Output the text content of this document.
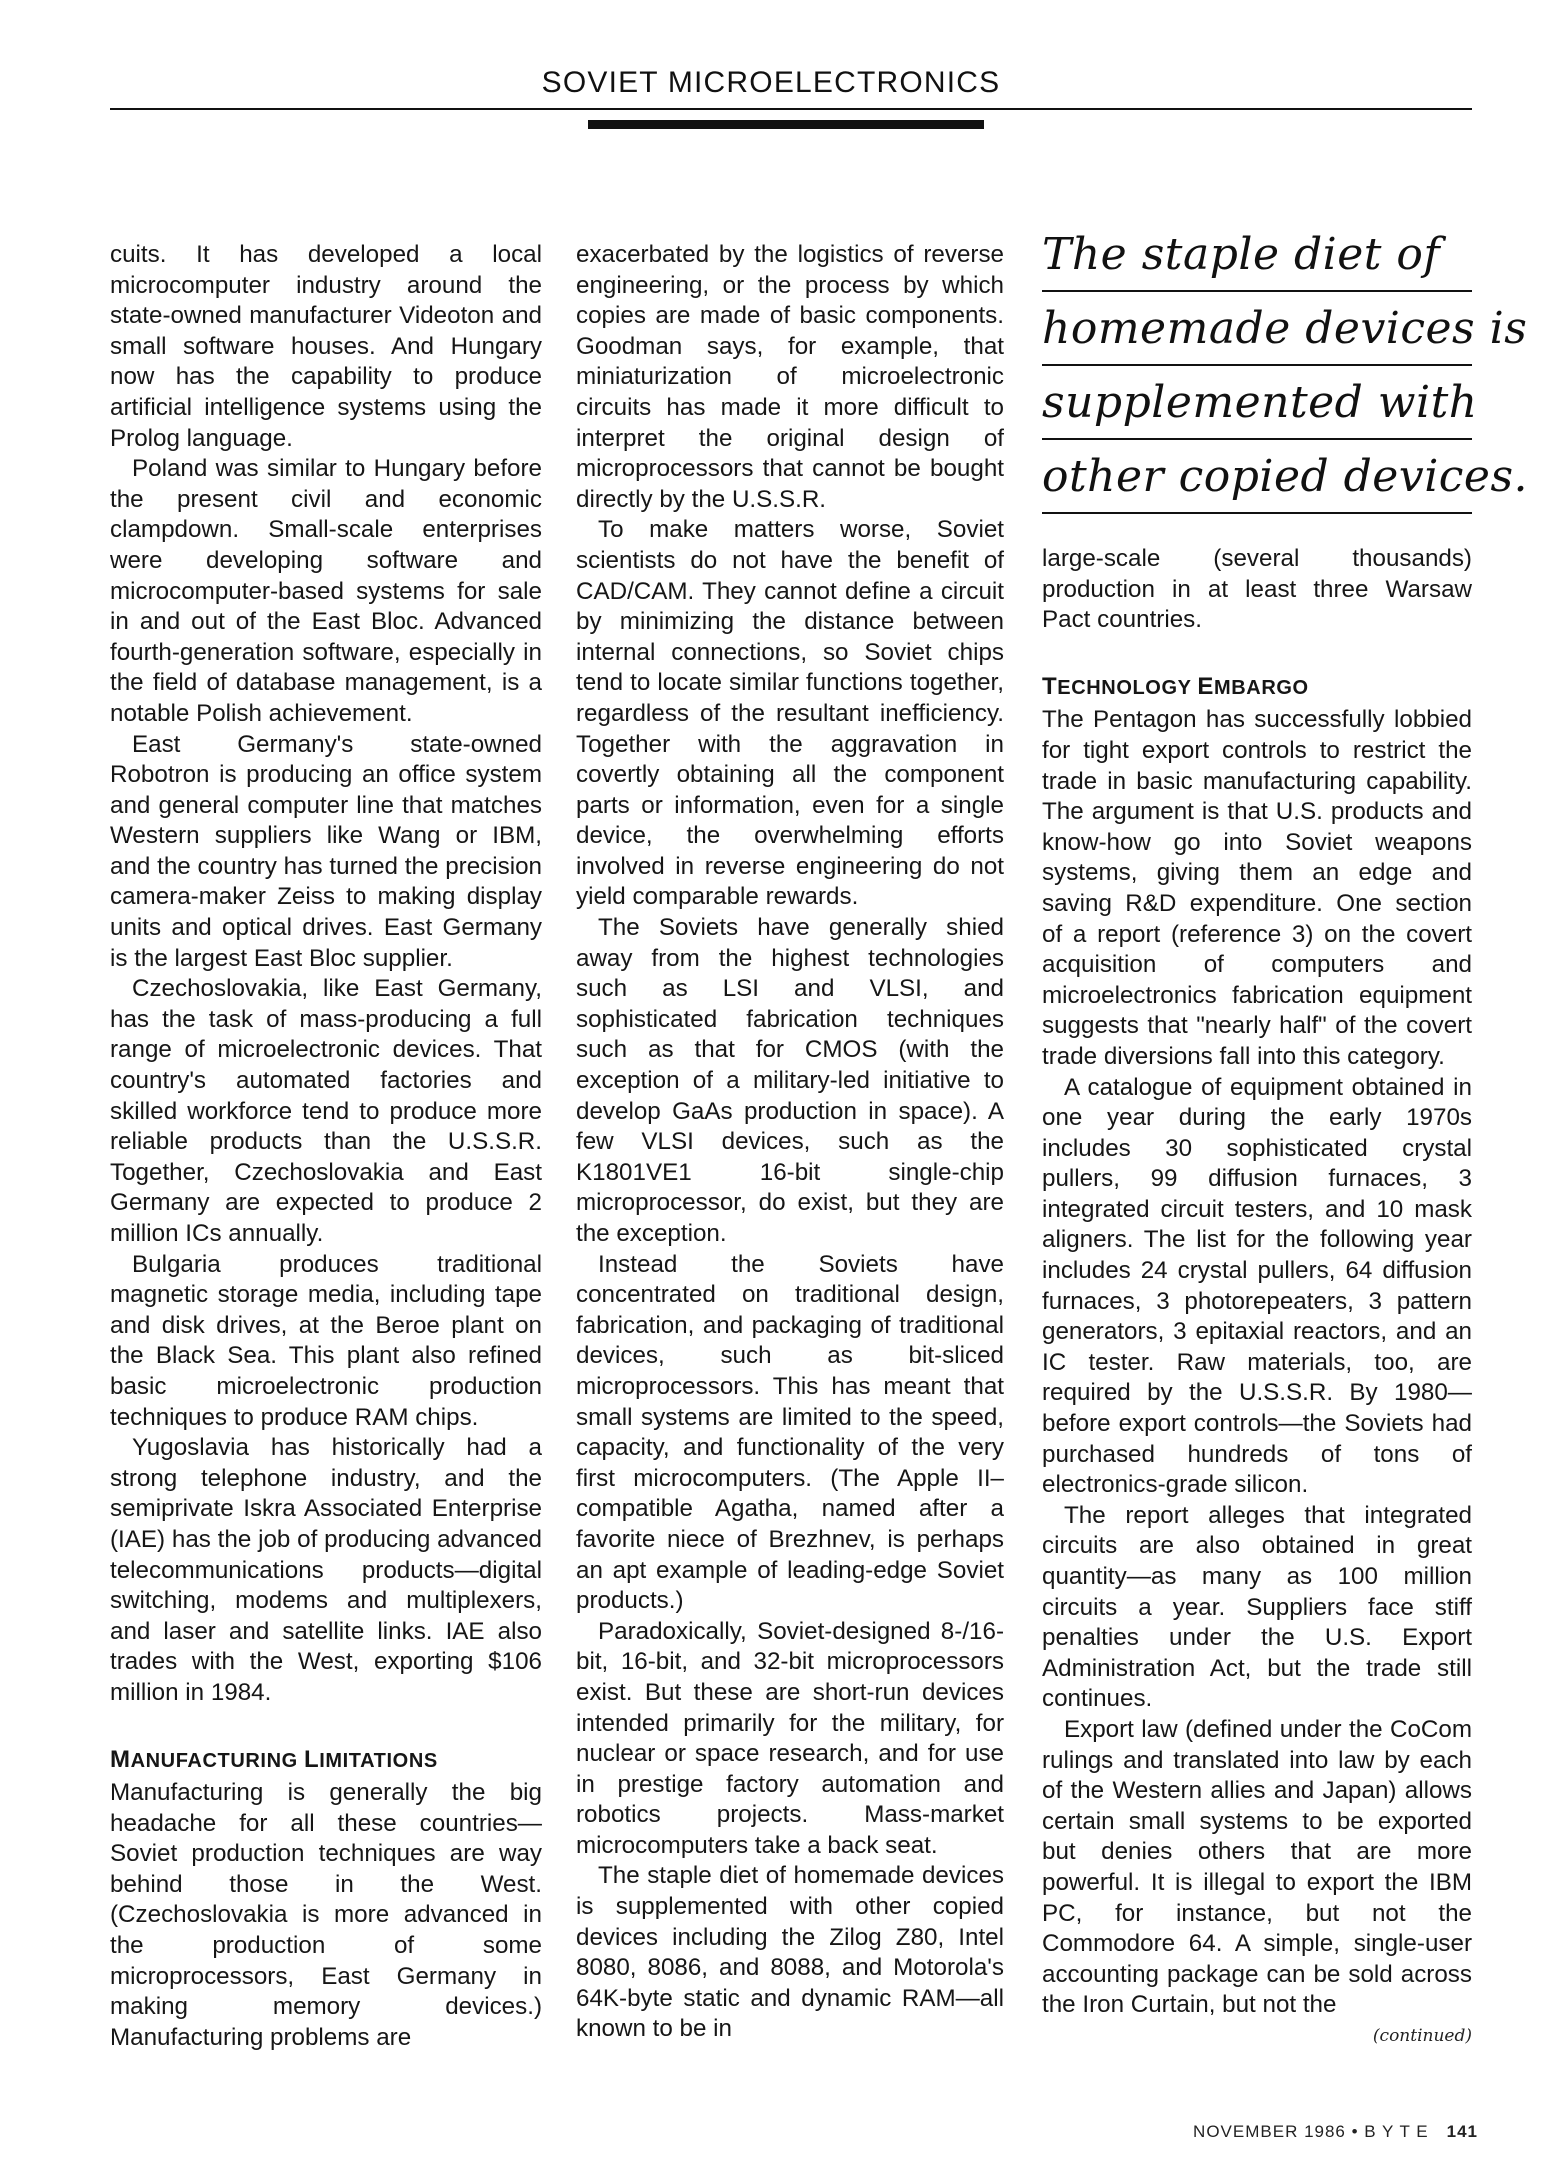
SOVIET MICROELECTRONICS

cuits. It has developed a local microcomputer industry around the state-owned manufacturer Videoton and small software houses. And Hungary now has the capability to produce artificial intelligence systems using the Prolog language.

Poland was similar to Hungary before the present civil and economic clampdown. Small-scale enterprises were developing software and microcomputer-based systems for sale in and out of the East Bloc. Advanced fourth-generation software, especially in the field of database management, is a notable Polish achievement.

East Germany's state-owned Robotron is producing an office system and general computer line that matches Western suppliers like Wang or IBM, and the country has turned the precision camera-maker Zeiss to making display units and optical drives. East Germany is the largest East Bloc supplier.

Czechoslovakia, like East Germany, has the task of mass-producing a full range of microelectronic devices. That country's automated factories and skilled workforce tend to produce more reliable products than the U.S.S.R. Together, Czechoslovakia and East Germany are expected to produce 2 million ICs annually.

Bulgaria produces traditional magnetic storage media, including tape and disk drives, at the Beroe plant on the Black Sea. This plant also refined basic microelectronic production techniques to produce RAM chips.

Yugoslavia has historically had a strong telephone industry, and the semiprivate Iskra Associated Enterprise (IAE) has the job of producing advanced telecommunications products—digital switching, modems and multiplexers, and laser and satellite links. IAE also trades with the West, exporting $106 million in 1984.

MANUFACTURING LIMITATIONS

Manufacturing is generally the big headache for all these countries—Soviet production techniques are way behind those in the West. (Czechoslovakia is more advanced in the production of some microprocessors, East Germany in making memory devices.) Manufacturing problems are

exacerbated by the logistics of reverse engineering, or the process by which copies are made of basic components. Goodman says, for example, that miniaturization of microelectronic circuits has made it more difficult to interpret the original design of microprocessors that cannot be bought directly by the U.S.S.R.

To make matters worse, Soviet scientists do not have the benefit of CAD/CAM. They cannot define a circuit by minimizing the distance between internal connections, so Soviet chips tend to locate similar functions together, regardless of the resultant inefficiency. Together with the aggravation in covertly obtaining all the component parts or information, even for a single device, the overwhelming efforts involved in reverse engineering do not yield comparable rewards.

The Soviets have generally shied away from the highest technologies such as LSI and VLSI, and sophisticated fabrication techniques such as that for CMOS (with the exception of a military-led initiative to develop GaAs production in space). A few VLSI devices, such as the K1801VE1 16-bit single-chip microprocessor, do exist, but they are the exception.

Instead the Soviets have concentrated on traditional design, fabrication, and packaging of traditional devices, such as bit-sliced microprocessors. This has meant that small systems are limited to the speed, capacity, and functionality of the very first microcomputers. (The Apple II–compatible Agatha, named after a favorite niece of Brezhnev, is perhaps an apt example of leading-edge Soviet products.)

Paradoxically, Soviet-designed 8-/16-bit, 16-bit, and 32-bit microprocessors exist. But these are short-run devices intended primarily for the military, for nuclear or space research, and for use in prestige factory automation and robotics projects. Mass-market microcomputers take a back seat.

The staple diet of homemade devices is supplemented with other copied devices including the Zilog Z80, Intel 8080, 8086, and 8088, and Motorola's 64K-byte static and dynamic RAM—all known to be in

The staple diet of
homemade devices is
supplemented with
other copied devices.

large-scale (several thousands) production in at least three Warsaw Pact countries.

TECHNOLOGY EMBARGO

The Pentagon has successfully lobbied for tight export controls to restrict the trade in basic manufacturing capability. The argument is that U.S. products and know-how go into Soviet weapons systems, giving them an edge and saving R&D expenditure. One section of a report (reference 3) on the covert acquisition of computers and microelectronics fabrication equipment suggests that "nearly half" of the covert trade diversions fall into this category.

A catalogue of equipment obtained in one year during the early 1970s includes 30 sophisticated crystal pullers, 99 diffusion furnaces, 3 integrated circuit testers, and 10 mask aligners. The list for the following year includes 24 crystal pullers, 64 diffusion furnaces, 3 photorepeaters, 3 pattern generators, 3 epitaxial reactors, and an IC tester. Raw materials, too, are required by the U.S.S.R. By 1980—before export controls—the Soviets had purchased hundreds of tons of electronics-grade silicon.

The report alleges that integrated circuits are also obtained in great quantity—as many as 100 million circuits a year. Suppliers face stiff penalties under the U.S. Export Administration Act, but the trade still continues.

Export law (defined under the CoCom rulings and translated into law by each of the Western allies and Japan) allows certain small systems to be exported but denies others that are more powerful. It is illegal to export the IBM PC, for instance, but not the Commodore 64. A simple, single-user accounting package can be sold across the Iron Curtain, but not the

(continued)
NOVEMBER 1986 • B Y T E 141
